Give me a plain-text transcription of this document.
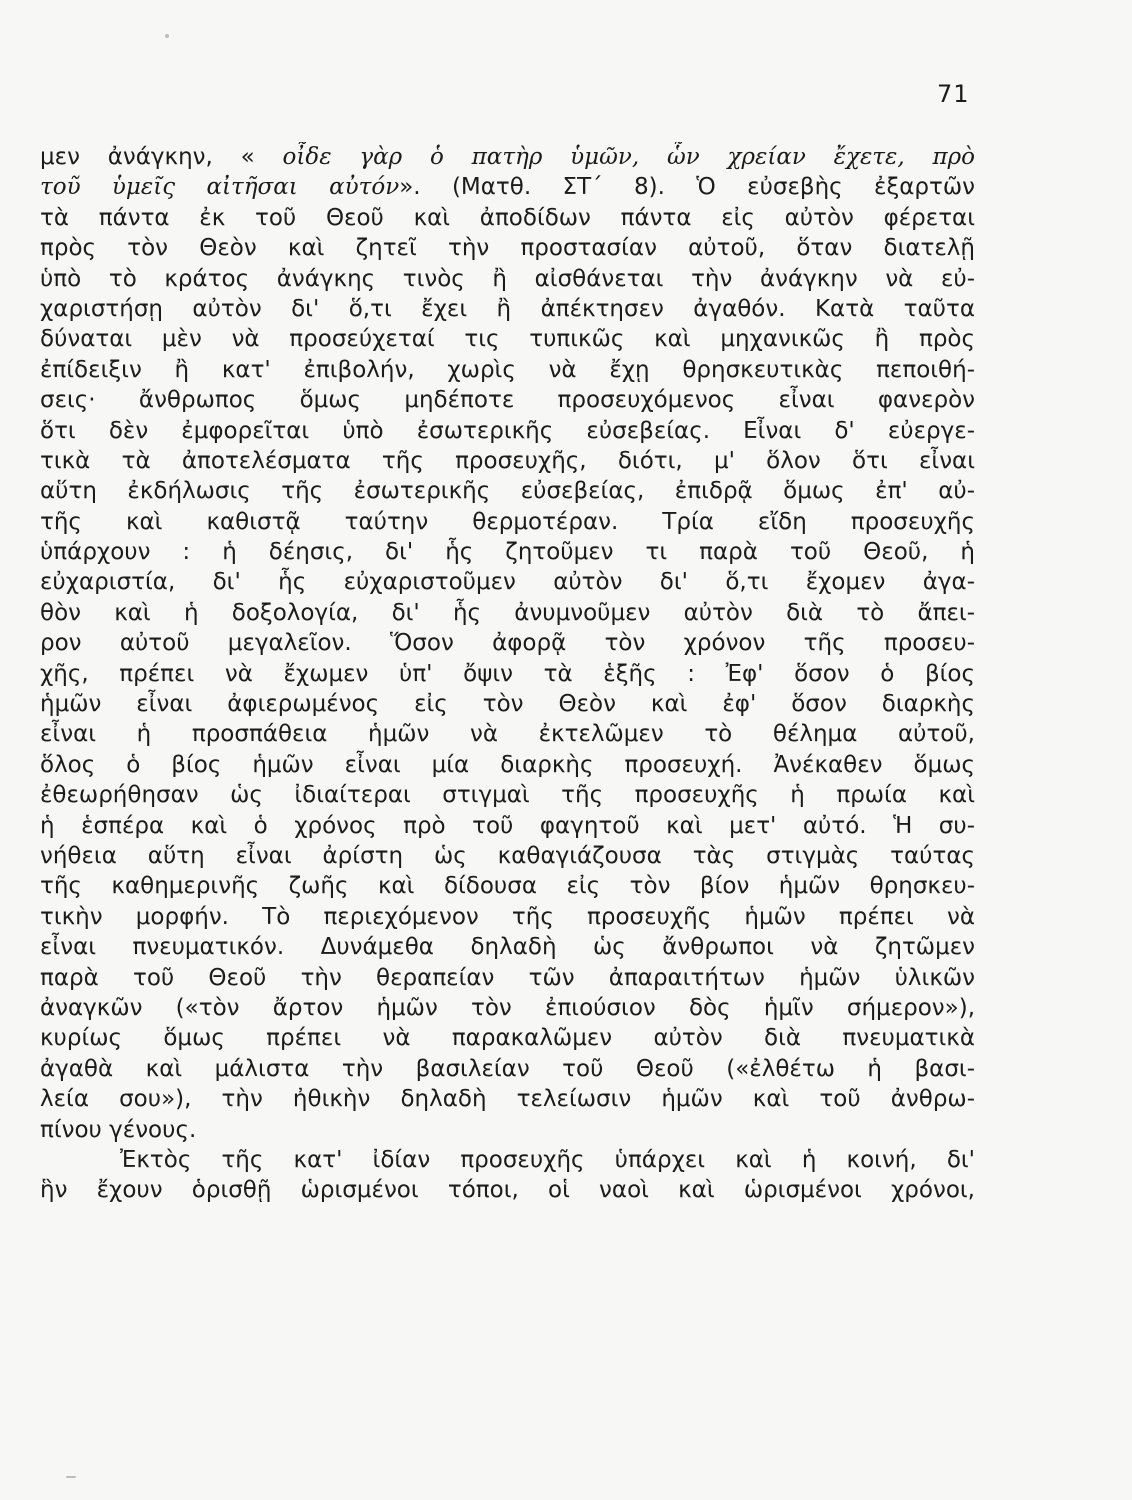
71
μεν ἀνάγκην, « οἶδε γὰρ ὁ πατὴρ ὑμῶν, ὧν χρείαν ἔχετε, πρὸ
τοῦ ὑμεῖς αἰτῆσαι αὐτόν». (Ματθ. ΣΤ΄ 8). Ὁ εὐσεβὴς ἐξαρτῶν
τὰ πάντα ἐκ τοῦ Θεοῦ καὶ ἀποδίδων πάντα εἰς αὐτὸν φέρεται
πρὸς τὸν Θεὸν καὶ ζητεῖ τὴν προστασίαν αὐτοῦ, ὅταν διατελῇ
ὑπὸ τὸ κράτος ἀνάγκης τινὸς ἢ αἰσθάνεται τὴν ἀνάγκην νὰ εὐ-
χαριστήσῃ αὐτὸν δι' ὅ,τι ἔχει ἢ ἀπέκτησεν ἀγαθόν. Κατὰ ταῦτα
δύναται μὲν νὰ προσεύχεταί τις τυπικῶς καὶ μηχανικῶς ἢ πρὸς
ἐπίδειξιν ἢ κατ' ἐπιβολήν, χωρὶς νὰ ἔχῃ θρησκευτικὰς πεποιθή-
σεις· ἄνθρωπος ὅμως μηδέποτε προσευχόμενος εἶναι φανερὸν
ὅτι δὲν ἐμφορεῖται ὑπὸ ἐσωτερικῆς εὐσεβείας. Εἶναι δ' εὐεργε-
τικὰ τὰ ἀποτελέσματα τῆς προσευχῆς, διότι, μ' ὅλον ὅτι εἶναι
αὕτη ἐκδήλωσις τῆς ἐσωτερικῆς εὐσεβείας, ἐπιδρᾷ ὅμως ἐπ' αὐ-
τῆς καὶ καθιστᾷ ταύτην θερμοτέραν. Τρία εἴδη προσευχῆς
ὑπάρχουν : ἡ δέησις, δι' ἧς ζητοῦμεν τι παρὰ τοῦ Θεοῦ, ἡ
εὐχαριστία, δι' ἧς εὐχαριστοῦμεν αὐτὸν δι' ὅ,τι ἔχομεν ἀγα-
θὸν καὶ ἡ δοξολογία, δι' ἧς ἀνυμνοῦμεν αὐτὸν διὰ τὸ ἄπει-
ρον αὐτοῦ μεγαλεῖον. Ὅσον ἀφορᾷ τὸν χρόνον τῆς προσευ-
χῆς, πρέπει νὰ ἔχωμεν ὑπ' ὄψιν τὰ ἑξῆς : Ἐφ' ὅσον ὁ βίος
ἡμῶν εἶναι ἀφιερωμένος εἰς τὸν Θεὸν καὶ ἐφ' ὅσον διαρκὴς
εἶναι ἡ προσπάθεια ἡμῶν νὰ ἐκτελῶμεν τὸ θέλημα αὐτοῦ,
ὅλος ὁ βίος ἡμῶν εἶναι μία διαρκὴς προσευχή. Ἀνέκαθεν ὅμως
ἐθεωρήθησαν ὡς ἰδιαίτεραι στιγμαὶ τῆς προσευχῆς ἡ πρωία καὶ
ἡ ἑσπέρα καὶ ὁ χρόνος πρὸ τοῦ φαγητοῦ καὶ μετ' αὐτό. Ἡ συ-
νήθεια αὕτη εἶναι ἀρίστη ὡς καθαγιάζουσα τὰς στιγμὰς ταύτας
τῆς καθημερινῆς ζωῆς καὶ δίδουσα εἰς τὸν βίον ἡμῶν θρησκευ-
τικὴν μορφήν. Τὸ περιεχόμενον τῆς προσευχῆς ἡμῶν πρέπει νὰ
εἶναι πνευματικόν. Δυνάμεθα δηλαδὴ ὡς ἄνθρωποι νὰ ζητῶμεν
παρὰ τοῦ Θεοῦ τὴν θεραπείαν τῶν ἀπαραιτήτων ἡμῶν ὑλικῶν
ἀναγκῶν («τὸν ἄρτον ἡμῶν τὸν ἐπιούσιον δὸς ἡμῖν σήμερον»),
κυρίως ὅμως πρέπει νὰ παρακαλῶμεν αὐτὸν διὰ πνευματικὰ
ἀγαθὰ καὶ μάλιστα τὴν βασιλείαν τοῦ Θεοῦ («ἐλθέτω ἡ βασι-
λεία σου»), τὴν ἠθικὴν δηλαδὴ τελείωσιν ἡμῶν καὶ τοῦ ἀνθρω-
πίνου γένους.
Ἐκτὸς τῆς κατ' ἰδίαν προσευχῆς ὑπάρχει καὶ ἡ κοινή, δι'
ἣν ἔχουν ὁρισθῇ ὡρισμένοι τόποι, οἱ ναοὶ καὶ ὡρισμένοι χρόνοι,
